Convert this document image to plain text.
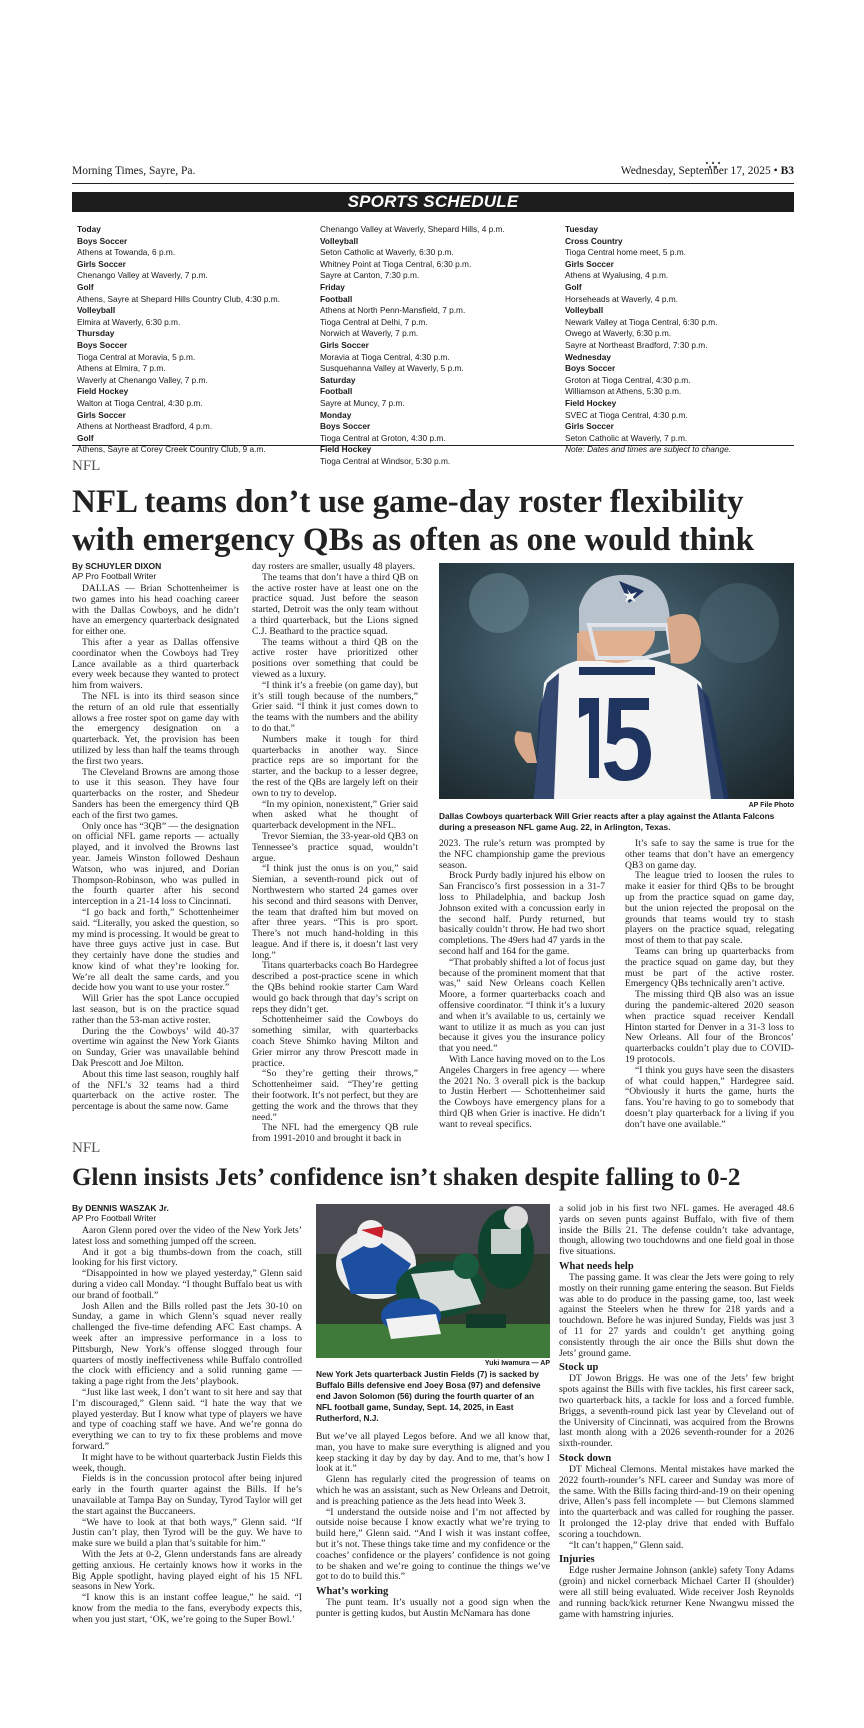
Morning Times, Sayre, Pa.	Wednesday, September 17, 2025 • B3
SPORTS SCHEDULE
Today
Boys Soccer
Athens at Towanda, 6 p.m.
Girls Soccer
Chenango Valley at Waverly, 7 p.m.
Golf
Athens, Sayre at Shepard Hills Country Club, 4:30 p.m.
Volleyball
Elmira at Waverly, 6:30 p.m.
Thursday
Boys Soccer
Tioga Central at Moravia, 5 p.m.
Athens at Elmira, 7 p.m.
Waverly at Chenango Valley, 7 p.m.
Field Hockey
Walton at Tioga Central, 4:30 p.m.
Girls Soccer
Athens at Northeast Bradford, 4 p.m.
Golf
Athens, Sayre at Corey Creek Country Club, 9 a.m.
Chenango Valley at Waverly, Shepard Hills, 4 p.m.
Volleyball
Seton Catholic at Waverly, 6:30 p.m.
Whitney Point at Tioga Central, 6:30 p.m.
Sayre at Canton, 7:30 p.m.
Friday
Football
Athens at North Penn-Mansfield, 7 p.m.
Tioga Central at Delhi, 7 p.m.
Norwich at Waverly, 7 p.m.
Girls Soccer
Moravia at Tioga Central, 4:30 p.m.
Susquehanna Valley at Waverly, 5 p.m.
Saturday
Football
Sayre at Muncy, 7 p.m.
Monday
Boys Soccer
Tioga Central at Groton, 4:30 p.m.
Field Hockey
Tioga Central at Windsor, 5:30 p.m.
Tuesday
Cross Country
Tioga Central home meet, 5 p.m.
Girls Soccer
Athens at Wyalusing, 4 p.m.
Golf
Horseheads at Waverly, 4 p.m.
Volleyball
Newark Valley at Tioga Central, 6:30 p.m.
Owego at Waverly, 6:30 p.m.
Sayre at Northeast Bradford, 7:30 p.m.
Wednesday
Boys Soccer
Groton at Tioga Central, 4:30 p.m.
Williamson at Athens, 5:30 p.m.
Field Hockey
SVEC at Tioga Central, 4:30 p.m.
Girls Soccer
Seton Catholic at Waverly, 7 p.m.
Note: Dates and times are subject to change.
NFL
NFL teams don’t use game-day roster flexibility with emergency QBs as often as one would think
By SCHUYLER DIXON
AP Pro Football Writer

DALLAS — Brian Schottenheimer is two games into his head coaching career with the Dallas Cowboys, and he didn’t have an emergency quarterback designated for either one.

This after a year as Dallas offensive coordinator when the Cowboys had Trey Lance available as a third quarterback every week because they wanted to protect him from waivers.

The NFL is into its third season since the return of an old rule that essentially allows a free roster spot on game day with the emergency designation on a quarterback. Yet, the provision has been utilized by less than half the teams through the first two years.

The Cleveland Browns are among those to use it this season. They have four quarterbacks on the roster, and Shedeur Sanders has been the emergency third QB each of the first two games.

Only once has “3QB” — the designation on official NFL game reports — actually played, and it involved the Browns last year. Jameis Winston followed Deshaun Watson, who was injured, and Dorian Thompson-Robinson, who was pulled in the fourth quarter after his second interception in a 21-14 loss to Cincinnati.

“I go back and forth,” Schottenheimer said. “Literally, you asked the question, so my mind is processing. It would be great to have three guys active just in case. But they certainly have done the studies and know kind of what they’re looking for. We’re all dealt the same cards, and you decide how you want to use your roster.”

Will Grier has the spot Lance occupied last season, but is on the practice squad rather than the 53-man active roster.

During the the Cowboys’ wild 40-37 overtime win against the New York Giants on Sunday, Grier was unavailable behind Dak Prescott and Joe Milton.

About this time last season, roughly half of the NFL’s 32 teams had a third quarterback on the active roster. The percentage is about the same now. Game

day rosters are smaller, usually 48 players.

The teams that don’t have a third QB on the active roster have at least one on the practice squad. Just before the season started, Detroit was the only team without a third quarterback, but the Lions signed C.J. Beathard to the practice squad.

The teams without a third QB on the active roster have prioritized other positions over something that could be viewed as a luxury.

“I think it’s a freebie (on game day), but it’s still tough because of the numbers,” Grier said. “I think it just comes down to the teams with the numbers and the ability to do that.”

Numbers make it tough for third quarterbacks in another way. Since practice reps are so important for the starter, and the backup to a lesser degree, the rest of the QBs are largely left on their own to try to develop.

“In my opinion, nonexistent,” Grier said when asked what he thought of quarterback development in the NFL.

Trevor Siemian, the 33-year-old QB3 on Tennessee’s practice squad, wouldn’t argue.

“I think just the onus is on you,” said Siemian, a seventh-round pick out of Northwestern who started 24 games over his second and third seasons with Denver, the team that drafted him but moved on after three years. “This is pro sport. There’s not much hand-holding in this league. And if there is, it doesn’t last very long.”

Titans quarterbacks coach Bo Hardegree described a post-practice scene in which the QBs behind rookie starter Cam Ward would go back through that day’s script on reps they didn’t get.

Schottenheimer said the Cowboys do something similar, with quarterbacks coach Steve Shimko having Milton and Grier mirror any throw Prescott made in practice.

“So they’re getting their throws,” Schottenheimer said. “They’re getting their footwork. It’s not perfect, but they are getting the work and the throws that they need.”

The NFL had the emergency QB rule from 1991-2010 and brought it back in

AP File Photo
Dallas Cowboys quarterback Will Grier reacts after a play against the Atlanta Falcons during a preseason NFL game Aug. 22, in Arlington, Texas.

2023. The rule’s return was prompted by the NFC championship game the previous season.

Brock Purdy badly injured his elbow on San Francisco’s first possession in a 31-7 loss to Philadelphia, and backup Josh Johnson exited with a concussion early in the second half. Purdy returned, but basically couldn’t throw. He had two short completions. The 49ers had 47 yards in the second half and 164 for the game.

“That probably shifted a lot of focus just because of the prominent moment that that was,” said New Orleans coach Kellen Moore, a former quarterbacks coach and offensive coordinator. “I think it’s a luxury and when it’s available to us, certainly we want to utilize it as much as you can just because it gives you the insurance policy that you need.”

With Lance having moved on to the Los Angeles Chargers in free agency — where the 2021 No. 3 overall pick is the backup to Justin Herbert — Schottenheimer said the Cowboys have emergency plans for a third QB when Grier is inactive. He didn’t want to reveal specifics.

It’s safe to say the same is true for the other teams that don’t have an emergency QB3 on game day.

The league tried to loosen the rules to make it easier for third QBs to be brought up from the practice squad on game day, but the union rejected the proposal on the grounds that teams would try to stash players on the practice squad, relegating most of them to that pay scale.

Teams can bring up quarterbacks from the practice squad on game day, but they must be part of the active roster. Emergency QBs technically aren’t active.

The missing third QB also was an issue during the pandemic-altered 2020 season when practice squad receiver Kendall Hinton started for Denver in a 31-3 loss to New Orleans. All four of the Broncos’ quarterbacks couldn’t play due to COVID-19 protocols.

“I think you guys have seen the disasters of what could happen,” Hardegree said. “Obviously it hurts the game, hurts the fans. You’re having to go to somebody that doesn’t play quarterback for a living if you don’t have one available.”

NFL
Glenn insists Jets’ confidence isn’t shaken despite falling to 0-2
By DENNIS WASZAK Jr.
AP Pro Football Writer

Aaron Glenn pored over the video of the New York Jets’ latest loss and something jumped off the screen.

And it got a big thumbs-down from the coach, still looking for his first victory.

“Disappointed in how we played yesterday,” Glenn said during a video call Monday. “I thought Buffalo beat us with our brand of football.”

Josh Allen and the Bills rolled past the Jets 30-10 on Sunday, a game in which Glenn’s squad never really challenged the five-time defending AFC East champs. A week after an impressive performance in a loss to Pittsburgh, New York’s offense slogged through four quarters of mostly ineffectiveness while Buffalo controlled the clock with efficiency and a solid running game — taking a page right from the Jets’ playbook.

“Just like last week, I don’t want to sit here and say that I’m discouraged,” Glenn said. “I hate the way that we played yesterday. But I know what type of players we have and type of coaching staff we have. And we’re gonna do everything we can to try to fix these problems and move forward.”

It might have to be without quarterback Justin Fields this week, though.

Fields is in the concussion protocol after being injured early in the fourth quarter against the Bills. If he’s unavailable at Tampa Bay on Sunday, Tyrod Taylor will get the start against the Buccaneers.

“We have to look at that both ways,” Glenn said. “If Justin can’t play, then Tyrod will be the guy. We have to make sure we build a plan that’s suitable for him.”

With the Jets at 0-2, Glenn understands fans are already getting anxious. He certainly knows how it works in the Big Apple spotlight, having played eight of his 15 NFL seasons in New York.

“I know this is an instant coffee league,” he said. “I know from the media to the fans, everybody expects this, when you just start, ‘OK, we’re going to the Super Bowl.’

Yuki Iwamura — AP
New York Jets quarterback Justin Fields (7) is sacked by Buffalo Bills defensive end Joey Bosa (97) and defensive end Javon Solomon (56) during the fourth quarter of an NFL football game, Sunday, Sept. 14, 2025, in East Rutherford, N.J.

But we’ve all played Legos before. And we all know that, man, you have to make sure everything is aligned and you keep stacking it day by day by day. And to me, that’s how I look at it.”

Glenn has regularly cited the progression of teams on which he was an assistant, such as New Orleans and Detroit, and is preaching patience as the Jets head into Week 3.

“I understand the outside noise and I’m not affected by outside noise because I know exactly what we’re trying to build here,” Glenn said. “And I wish it was instant coffee, but it’s not. These things take time and my confidence or the coaches’ confidence or the players’ confidence is not going to be shaken and we’re going to continue the things we’ve got to do to build this.”

What’s working

The punt team. It’s usually not a good sign when the punter is getting kudos, but Austin McNamara has done

a solid job in his first two NFL games. He averaged 48.6 yards on seven punts against Buffalo, with five of them inside the Bills 21. The defense couldn’t take advantage, though, allowing two touchdowns and one field goal in those five situations.

What needs help

The passing game. It was clear the Jets were going to rely mostly on their running game entering the season. But Fields was able to do produce in the passing game, too, last week against the Steelers when he threw for 218 yards and a touchdown. Before he was injured Sunday, Fields was just 3 of 11 for 27 yards and couldn’t get anything going consistently through the air once the Bills shut down the Jets’ ground game.

Stock up

DT Jowon Briggs. He was one of the Jets’ few bright spots against the Bills with five tackles, his first career sack, two quarterback hits, a tackle for loss and a forced fumble. Briggs, a seventh-round pick last year by Cleveland out of the University of Cincinnati, was acquired from the Browns last month along with a 2026 seventh-rounder for a 2026 sixth-rounder.

Stock down

DT Micheal Clemons. Mental mistakes have marked the 2022 fourth-rounder’s NFL career and Sunday was more of the same. With the Bills facing third-and-19 on their opening drive, Allen’s pass fell incomplete — but Clemons slammed into the quarterback and was called for roughing the passer. It prolonged the 12-play drive that ended with Buffalo scoring a touchdown.

“It can’t happen,” Glenn said.

Injuries

Edge rusher Jermaine Johnson (ankle) safety Tony Adams (groin) and nickel cornerback Michael Carter II (shoulder) were all still being evaluated. Wide receiver Josh Reynolds and running back/kick returner Kene Nwangwu missed the game with hamstring injuries.
